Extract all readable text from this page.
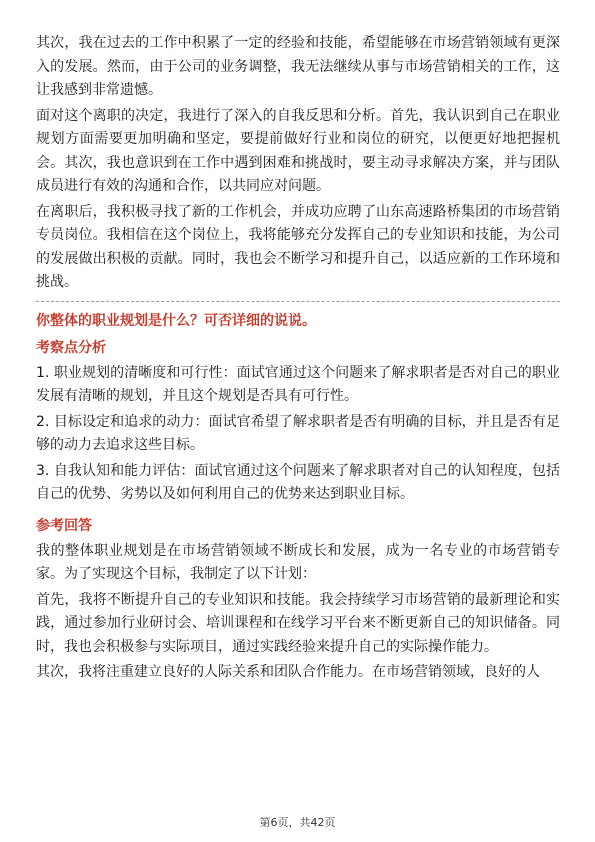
其次，我在过去的工作中积累了一定的经验和技能，希望能够在市场营销领域有更深入的发展。然而，由于公司的业务调整，我无法继续从事与市场营销相关的工作，这让我感到非常遗憾。

面对这个离职的决定，我进行了深入的自我反思和分析。首先，我认识到自己在职业规划方面需要更加明确和坚定，要提前做好行业和岗位的研究，以便更好地把握机会。其次，我也意识到在工作中遇到困难和挑战时，要主动寻求解决方案，并与团队成员进行有效的沟通和合作，以共同应对问题。

在离职后，我积极寻找了新的工作机会，并成功应聘了山东高速路桥集团的市场营销专员岗位。我相信在这个岗位上，我将能够充分发挥自己的专业知识和技能，为公司的发展做出积极的贡献。同时，我也会不断学习和提升自己，以适应新的工作环境和挑战。

你整体的职业规划是什么？可否详细的说说。

考察点分析

1. 职业规划的清晰度和可行性：面试官通过这个问题来了解求职者是否对自己的职业发展有清晰的规划，并且这个规划是否具有可行性。

2. 目标设定和追求的动力：面试官希望了解求职者是否有明确的目标，并且是否有足够的动力去追求这些目标。

3. 自我认知和能力评估：面试官通过这个问题来了解求职者对自己的认知程度，包括自己的优势、劣势以及如何利用自己的优势来达到职业目标。

参考回答

我的整体职业规划是在市场营销领域不断成长和发展，成为一名专业的市场营销专家。为了实现这个目标，我制定了以下计划：

首先，我将不断提升自己的专业知识和技能。我会持续学习市场营销的最新理论和实践，通过参加行业研讨会、培训课程和在线学习平台来不断更新自己的知识储备。同时，我也会积极参与实际项目，通过实践经验来提升自己的实际操作能力。

其次，我将注重建立良好的人际关系和团队合作能力。在市场营销领域，良好的人

第6页，共42页
